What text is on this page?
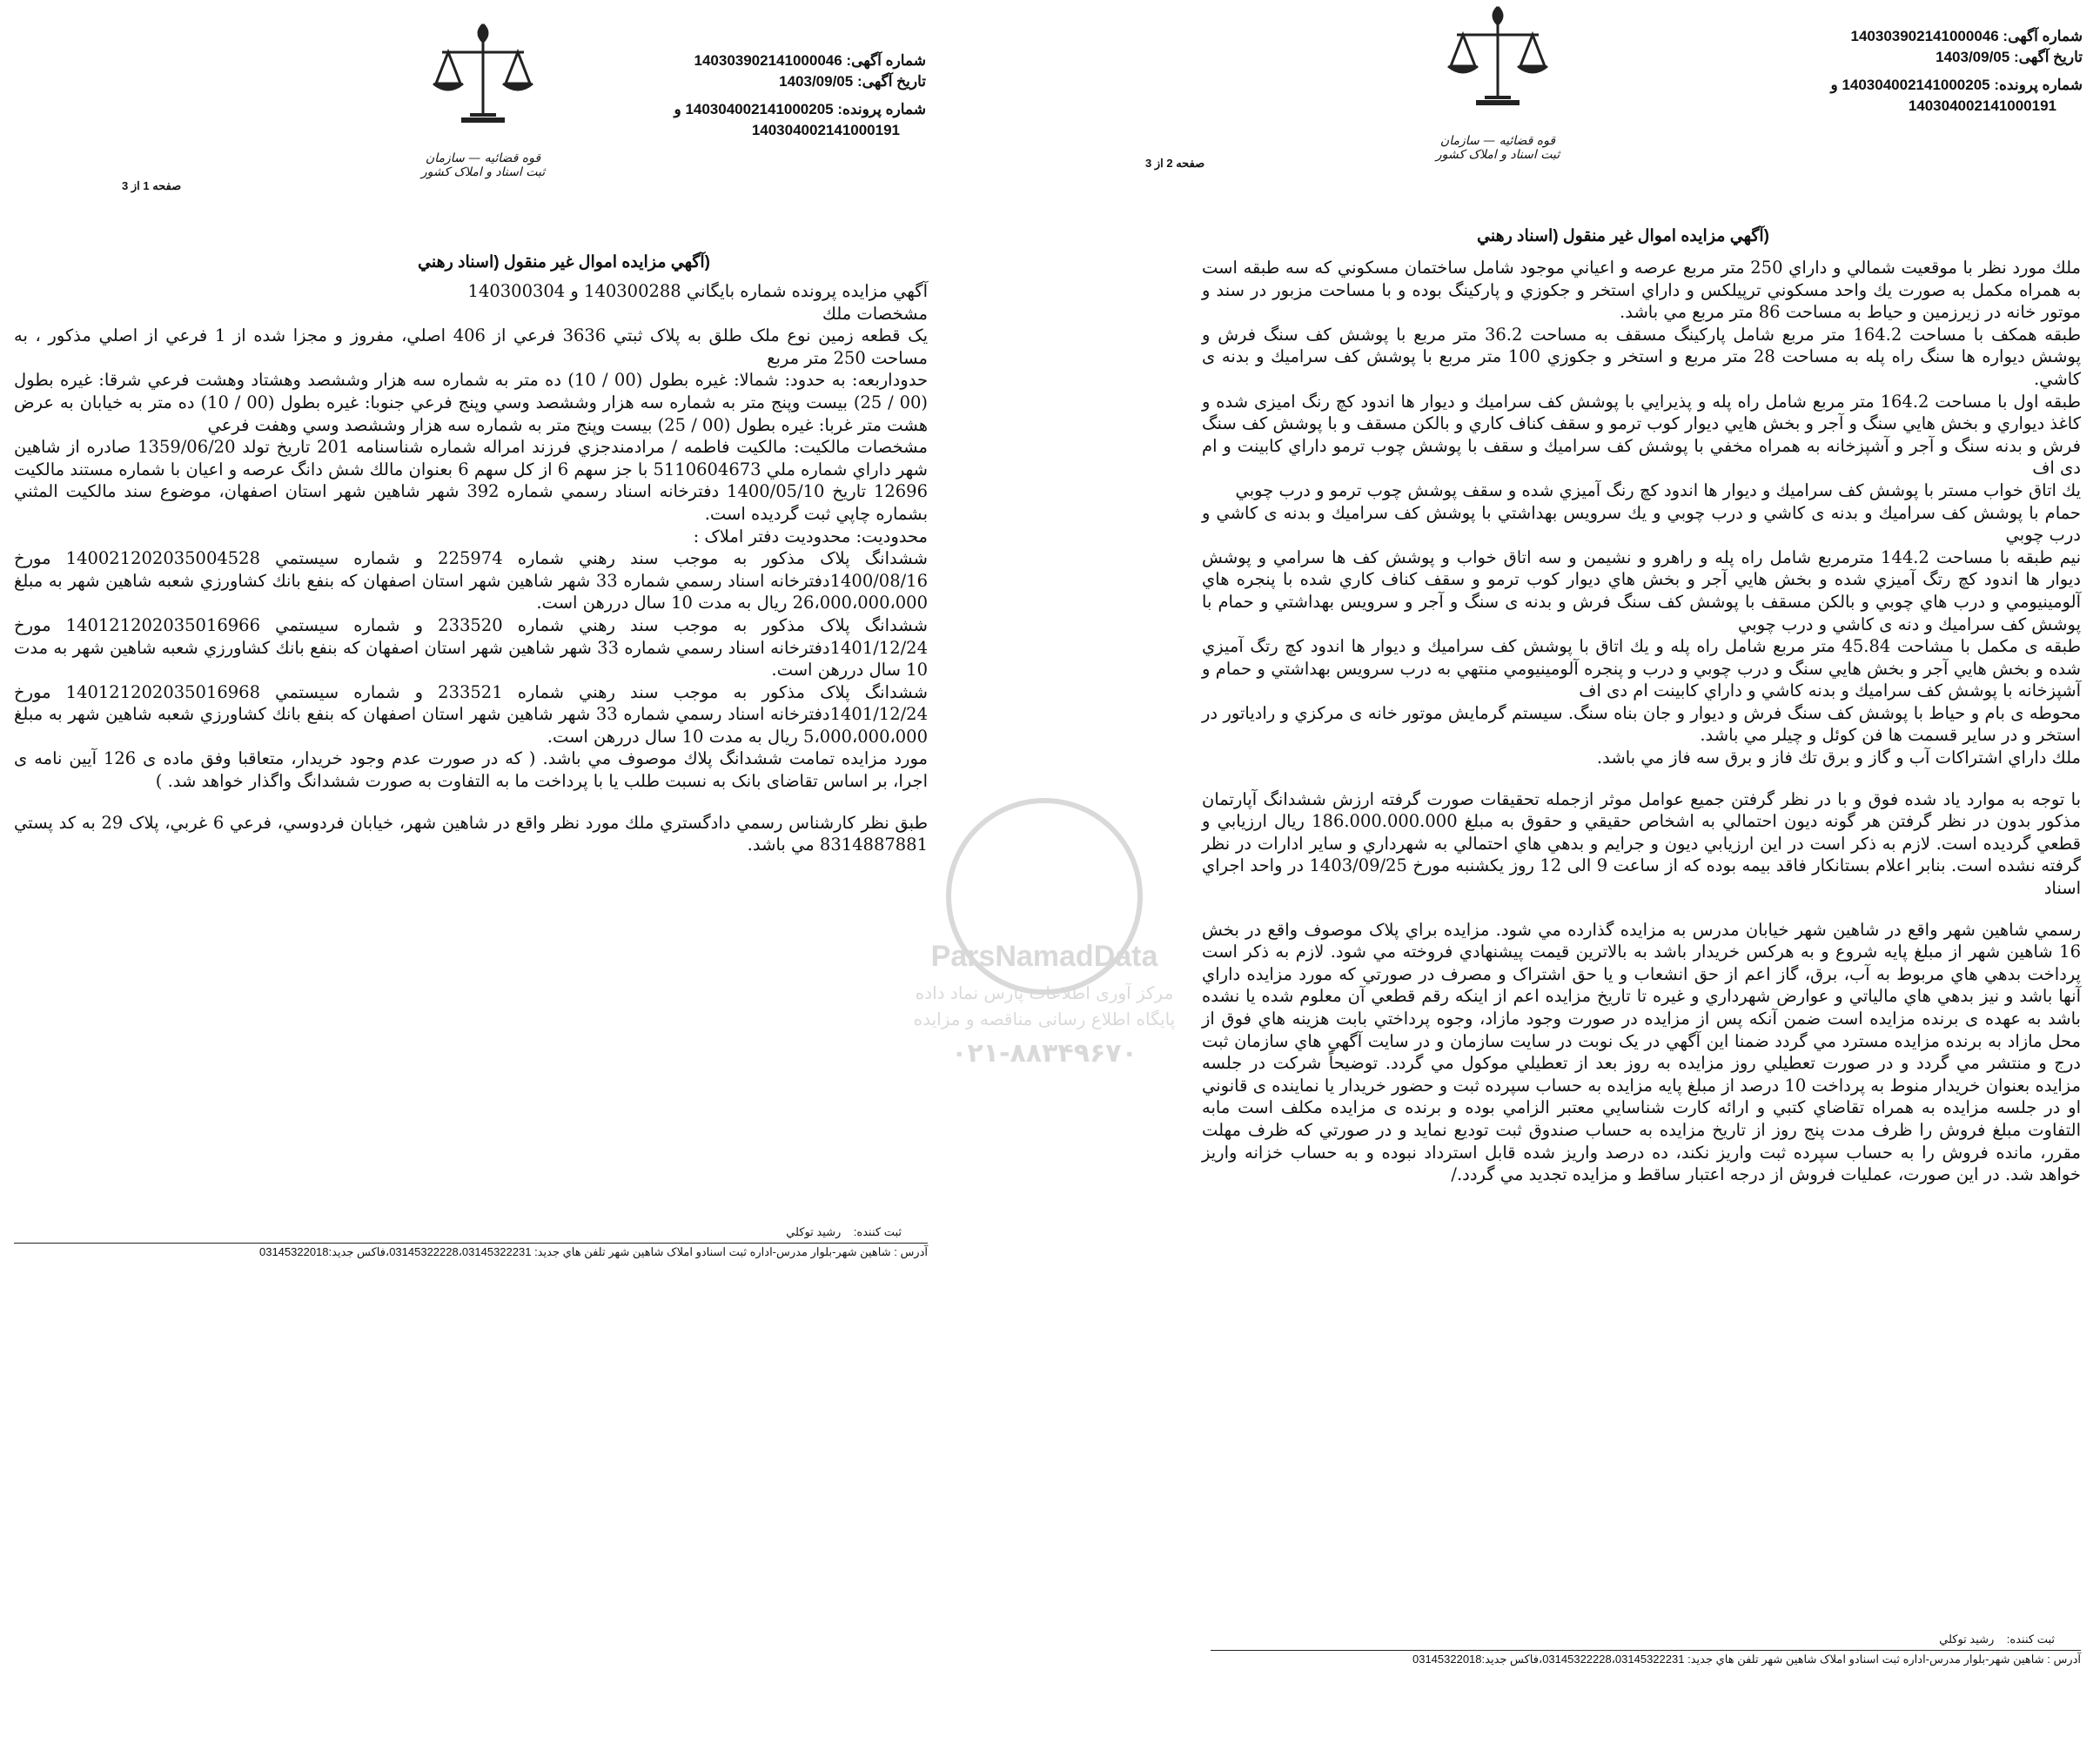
شماره آگهی: 140303902141000046
تاریخ آگهی: 1403/09/05
شماره پرونده: 140304002141000205 و
140304002141000191
قوه قضائیه — سازمان ثبت اسناد و املاک کشور
صفحه 1 از 3
(آگهي مزايده اموال غير منقول (اسناد رهني

آگهي مزايده پرونده شماره بايگاني 140300288 و 140300304

مشخصات ملك

يک قطعه زمين نوع ملک طلق به پلاک ثبتي 3636 فرعي از 406 اصلي، مفروز و مجزا شده از 1 فرعي از اصلي مذكور ، به مساحت 250 متر مربع

حدوداربعه: به حدود: شمالا: غيره بطول (00 / 10) ده متر به شماره سه هزار وششصد وهشتاد وهشت فرعي شرقا: غيره بطول (00 / 25) بيست وپنج متر به شماره سه هزار وششصد وسي وپنج فرعي جنوبا: غيره بطول (00 / 10) ده متر به خيابان به عرض هشت متر غربا: غيره بطول (00 / 25) بيست وپنج متر به شماره سه هزار وششصد وسي وهفت فرعي

مشخصات مالكيت: مالكيت فاطمه / مرادمندجزي فرزند امراله شماره شناسنامه 201 تاريخ تولد 1359/06/20 صادره از شاهين شهر داراي شماره ملي 5110604673 با جز سهم 6 از كل سهم 6 بعنوان مالك شش دانگ عرصه و اعيان با شماره مستند مالكيت 12696 تاريخ 1400/05/10 دفترخانه اسناد رسمي شماره 392 شهر شاهين شهر استان اصفهان، موضوع سند مالكيت المثني بشماره چاپي ثبت گرديده است.

محدوديت: محدوديت دفتر املاک :

ششدانگ پلاک مذکور به موجب سند رهني شماره 225974 و شماره سيستمي 140021202035004528 مورخ 1400/08/16دفترخانه اسناد رسمي شماره 33 شهر شاهين شهر استان اصفهان كه بنفع بانك كشاورزي شعبه شاهين شهر به مبلغ 26،000،000،000 ريال به مدت 10 سال دررهن است.

ششدانگ پلاک مذکور به موجب سند رهني شماره 233520 و شماره سيستمي 140121202035016966 مورخ 1401/12/24دفترخانه اسناد رسمي شماره 33 شهر شاهين شهر استان اصفهان كه بنفع بانك كشاورزي شعبه شاهين شهر به مدت 10 سال دررهن است.

ششدانگ پلاک مذکور به موجب سند رهني شماره 233521 و شماره سيستمي 140121202035016968 مورخ 1401/12/24دفترخانه اسناد رسمي شماره 33 شهر شاهين شهر استان اصفهان كه بنفع بانك كشاورزي شعبه شاهين شهر به مبلغ 5،000،000،000 ريال به مدت 10 سال دررهن است.

مورد مزايده تمامت ششدانگ پلاك موصوف مي باشد. ( كه در صورت عدم وجود خريدار، متعاقبا وفق ماده ی 126 آيين نامه ی اجرا، بر اساس تقاضای بانک به نسبت طلب يا با پرداخت ما به التفاوت به صورت ششدانگ واگذار خواهد شد. )

طبق نظر كارشناس رسمي دادگستري ملك مورد نظر واقع در شاهين شهر، خيابان فردوسي، فرعي 6 غربي، پلاک 29 به كد پستي 8314887881 مي باشد.

ثبت كننده:    رشيد توكلي
آدرس : شاهين شهر-بلوار مدرس-اداره ثبت اسنادو املاک شاهين شهر تلفن هاي جديد: 03145322228،03145322231،فاكس جديد:03145322018
شماره آگهی: 140303902141000046
تاریخ آگهی: 1403/09/05
شماره پرونده: 140304002141000205 و
140304002141000191
قوه قضائیه — سازمان ثبت اسناد و املاک کشور
صفحه 2 از 3
(آگهي مزايده اموال غير منقول (اسناد رهني

ملك مورد نظر با موقعيت شمالي و داراي 250 متر مربع عرصه و اعياني موجود شامل ساختمان مسكوني كه سه طبقه است به همراه مكمل به صورت يك واحد مسكوني ترپيلكس و داراي استخر و جكوزي و پاركينگ بوده و با مساحت مزبور در سند و موتور خانه در زيرزمين و حياط به مساحت 86 متر مربع مي باشد.

طبقه همكف با مساحت 164.2 متر مربع شامل پاركينگ مسقف به مساحت 36.2 متر مربع با پوشش كف سنگ فرش و پوشش ديواره ها سنگ راه پله به مساحت 28 متر مربع و استخر و جكوزي 100 متر مربع با پوشش كف سراميك و بدنه ی كاشي.

طبقه اول با مساحت 164.2 متر مربع شامل راه پله و پذيرايي با پوشش كف سراميك و ديوار ها اندود كچ رنگ اميزی شده و كاغذ ديواري و بخش هايي سنگ و آجر و بخش هايي ديوار كوب ترمو و سقف كناف كاري و بالكن مسقف و با پوشش كف سنگ فرش و بدنه سنگ و آجر و آشپزخانه به همراه مخفي با پوشش كف سراميك و سقف با پوشش چوب ترمو داراي كابينت و ام دی اف

يك اتاق خواب مستر با پوشش كف سراميك و ديوار ها اندود كچ رنگ آميزي شده و سقف پوشش چوب ترمو و درب چوبي

حمام با پوشش كف سراميك و بدنه ی كاشي و درب چوبي و يك سرويس بهداشتي با پوشش كف سراميك و بدنه ی كاشي و درب چوبي

نيم طبقه با مساحت 144.2 مترمربع شامل راه پله و راهرو و نشيمن و سه اتاق خواب و پوشش كف ها سرامي و پوشش ديوار ها اندود كچ رتگ آميزي شده و بخش هايي آجر و بخش هاي ديوار كوب ترمو و سقف كناف كاري شده با پنجره هاي آلومينيومي و درب هاي چوبي و بالكن مسقف با پوشش كف سنگ فرش و بدنه ی سنگ و آجر و سرويس بهداشتي و حمام با پوشش كف سراميك و دنه ی كاشي و درب چوبي

طبقه ی مكمل با مشاحت 45.84 متر مربع شامل راه پله و يك اتاق با پوشش كف سراميك و ديوار ها اندود كچ رتگ آميزي شده و بخش هايي آجر و بخش هايي سنگ و درب چوبي و درب و پنجره آلومينيومي منتهي به درب سرويس بهداشتي و حمام و آشپزخانه با پوشش كف سراميك و بدنه كاشي و داراي كابينت ام دی اف

محوطه ی بام و حياط با پوشش كف سنگ فرش و ديوار و جان بناه سنگ. سيستم گرمايش موتور خانه ی مركزي و رادياتور در استخر و در ساير قسمت ها فن كوئل و چيلر مي باشد.

ملك داراي اشتراكات آب و گاز و برق تك فاز و برق سه فاز مي باشد.

با توجه به موارد ياد شده فوق و با در نظر گرفتن جميع عوامل موثر ازجمله تحقيقات صورت گرفته ارزش ششدانگ آپارتمان مذكور بدون در نظر گرفتن هر گونه ديون احتمالي به اشخاص حقيقي و حقوق به مبلغ 186.000.000.000 ريال ارزيابي و قطعي گرديده است. لازم به ذكر است در اين ارزيابي ديون و جرايم و بدهي هاي احتمالي به شهرداري و ساير ادارات در نظر گرفته نشده است. بنابر اعلام بستانكار فاقد بيمه بوده كه از ساعت 9 الی 12 روز يكشنبه مورخ 1403/09/25 در واحد اجراي اسناد

رسمي شاهين شهر واقع در شاهين شهر خيابان مدرس به مزايده گذارده مي شود. مزايده براي پلاک موصوف واقع در بخش 16 شاهين شهر از مبلغ پايه شروع و به هركس خريدار باشد به بالاترين قيمت پيشنهادي فروخته مي شود. لازم به ذكر است پرداخت بدهي هاي مربوط به آب، برق، گاز اعم از حق انشعاب و يا حق اشتراک و مصرف در صورتي كه مورد مزايده داراي آنها باشد و نيز بدهي هاي مالياتي و عوارض شهرداري و غيره تا تاريخ مزايده اعم از اينكه رقم قطعي آن معلوم شده يا نشده باشد به عهده ی برنده مزايده است ضمن آنكه پس از مزايده در صورت وجود مازاد، وجوه پرداختي بابت هزينه هاي فوق از محل مازاد به برنده مزايده مسترد مي گردد ضمنا اين آگهي در يک نوبت در سايت سازمان و در سايت آگهي هاي سازمان ثبت درج و منتشر مي گردد و در صورت تعطيلي روز مزايده به روز بعد از تعطيلي موكول مي گردد. توضيحاً شركت در جلسه مزايده بعنوان خريدار منوط به پرداخت 10 درصد از مبلغ پايه مزايده به حساب سپرده ثبت و حضور خريدار يا نماينده ی قانوني او در جلسه مزايده به همراه تقاضاي كتبي و ارائه كارت شناسايي معتبر الزامي بوده و برنده ی مزايده مكلف است مابه التفاوت مبلغ فروش را ظرف مدت پنج روز از تاريخ مزايده به حساب صندوق ثبت توديع نمايد و در صورتي كه ظرف مهلت مقرر، مانده فروش را به حساب سپرده ثبت واريز نكند، ده درصد واريز شده قابل استرداد نبوده و به حساب خزانه واريز خواهد شد. در اين صورت، عمليات فروش از درجه اعتبار ساقط و مزايده تجديد مي گردد./

ثبت كننده:    رشيد توكلي
آدرس : شاهين شهر-بلوار مدرس-اداره ثبت اسنادو املاک شاهين شهر تلفن هاي جديد: 03145322228،03145322231،فاكس جديد:03145322018
ParsNamadData
مرکز آوری اطلاعات پارس نماد داده
پایگاه اطلاع رسانی مناقصه و مزایده
۰۲۱-۸۸۳۴۹۶۷۰
